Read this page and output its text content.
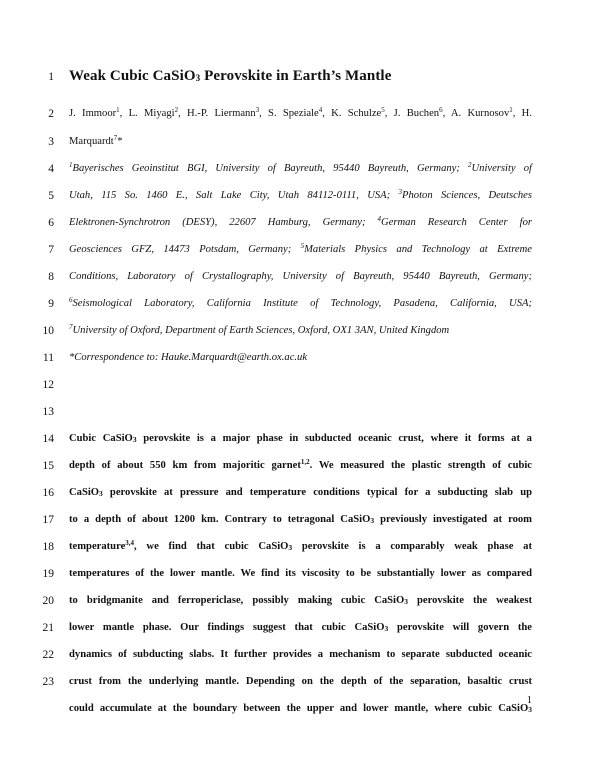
1
2
3
4
5
6
7
8
9
10
11
12
13
14
15
16
17
18
19
20
21
22
23
Weak Cubic CaSiO$_3$ Perovskite in Earth’s Mantle
J. Immoor$^1$, L. Miyagi$^2$, H.-P. Liermann$^3$, S. Speziale$^4$, K. Schulze$^5$, J. Buchen$^6$, A. Kurnosov$^1$, H.
Marquardt$^7$*
$^1$Bayerisches Geoinstitut BGI, University of Bayreuth, 95440 Bayreuth, Germany; $^2$University of
Utah, 115 So. 1460 E., Salt Lake City, Utah 84112-0111, USA; $^3$Photon Sciences, Deutsches
Elektronen-Synchrotron (DESY), 22607 Hamburg, Germany; $^4$German Research Center for
Geosciences GFZ, 14473 Potsdam, Germany; $^5$Materials Physics and Technology at Extreme
Conditions, Laboratory of Crystallography, University of Bayreuth, 95440 Bayreuth, Germany;
$^6$Seismological Laboratory, California Institute of Technology, Pasadena, California, USA;
$^7$University of Oxford, Department of Earth Sciences, Oxford, OX1 3AN, United Kingdom
*Correspondence to: Hauke.Marquardt@earth.ox.ac.uk
Cubic CaSiO$_3$ perovskite is a major phase in subducted oceanic crust, where it forms at a
depth of about 550 km from majoritic garnet$^{1,2}$. We measured the plastic strength of cubic
CaSiO$_3$ perovskite at pressure and temperature conditions typical for a subducting slab up
to a depth of about 1200 km. Contrary to tetragonal CaSiO$_3$ previously investigated at room
temperature$^{3,4}$, we find that cubic CaSiO$_3$ perovskite is a comparably weak phase at
temperatures of the lower mantle. We find its viscosity to be substantially lower as compared
to bridgmanite and ferropericlase, possibly making cubic CaSiO$_3$ perovskite the weakest
lower mantle phase. Our findings suggest that cubic CaSiO$_3$ perovskite will govern the
dynamics of subducting slabs. It further provides a mechanism to separate subducted oceanic
crust from the underlying mantle. Depending on the depth of the separation, basaltic crust
could accumulate at the boundary between the upper and lower mantle, where cubic CaSiO$_3$
1
